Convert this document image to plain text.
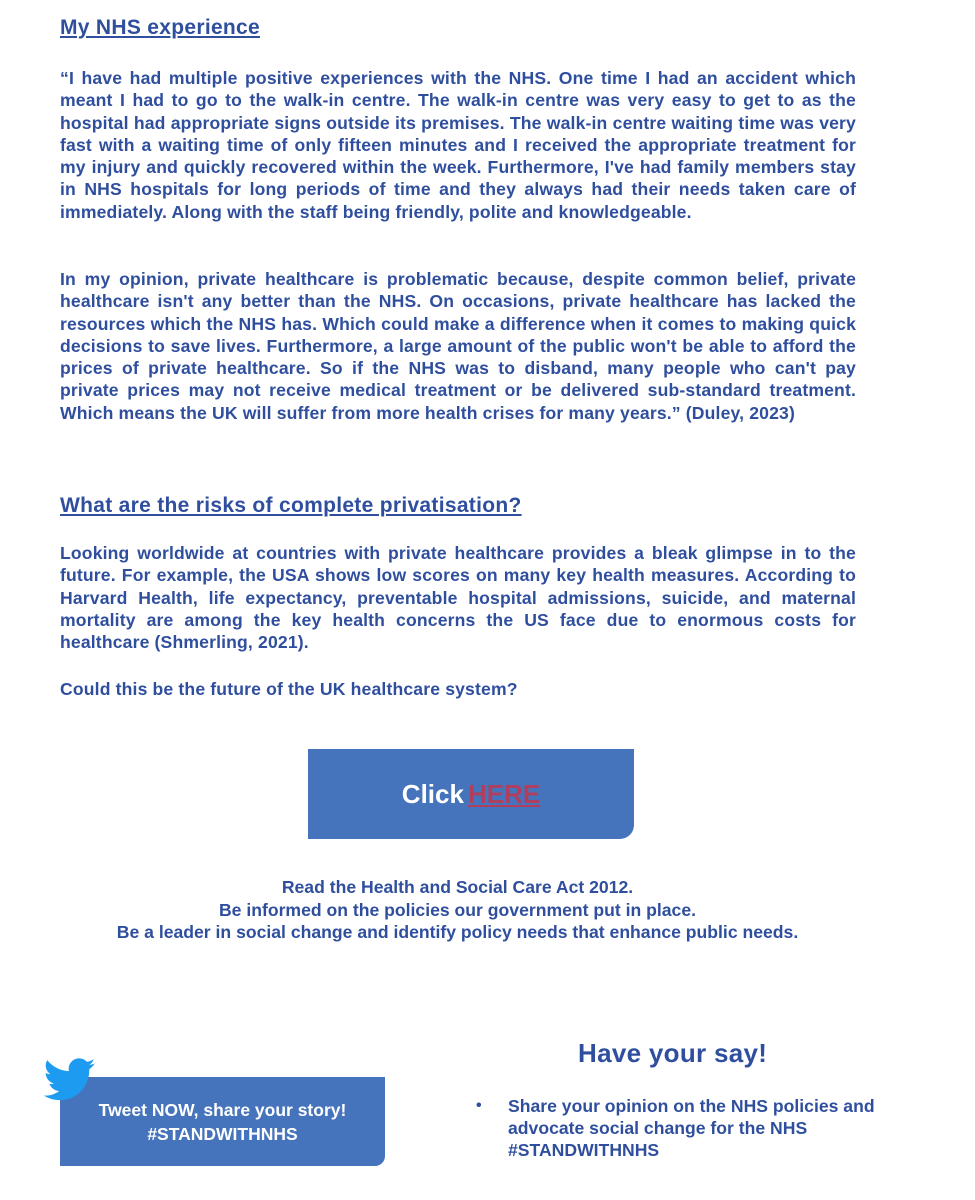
My NHS experience

“I have had multiple positive experiences with the NHS. One time I had an accident which meant I had to go to the walk-in centre. The walk-in centre was very easy to get to as the hospital had appropriate signs outside its premises. The walk-in centre waiting time was very fast with a waiting time of only fifteen minutes and I received the appropriate treatment for my injury and quickly recovered within the week. Furthermore, I've had family members stay in NHS hospitals for long periods of time and they always had their needs taken care of immediately. Along with the staff being friendly, polite and knowledgeable.

In my opinion, private healthcare is problematic because, despite common belief, private healthcare isn't any better than the NHS. On occasions, private healthcare has lacked the resources which the NHS has. Which could make a difference when it comes to making quick decisions to save lives. Furthermore, a large amount of the public won't be able to afford the prices of private healthcare. So if the NHS was to disband, many people who can't pay private prices may not receive medical treatment or be delivered sub-standard treatment. Which means the UK will suffer from more health crises for many years.” (Duley, 2023)

What are the risks of complete privatisation?

Looking worldwide at countries with private healthcare provides a bleak glimpse in to the future. For example, the USA shows low scores on many key health measures. According to Harvard Health, life expectancy, preventable hospital admissions, suicide, and maternal mortality are among the key health concerns the US face due to enormous costs for healthcare (Shmerling, 2021).

Could this be the future of the UK healthcare system?

Click HERE
Read the Health and Social Care Act 2012.
Be informed on the policies our government put in place.
Be a leader in social change and identify policy needs that enhance public needs.
Tweet NOW, share your story!
#STANDWITHNHS
Have your say!
• Share your opinion on the NHS policies and advocate social change for the NHS #STANDWITHNHS
